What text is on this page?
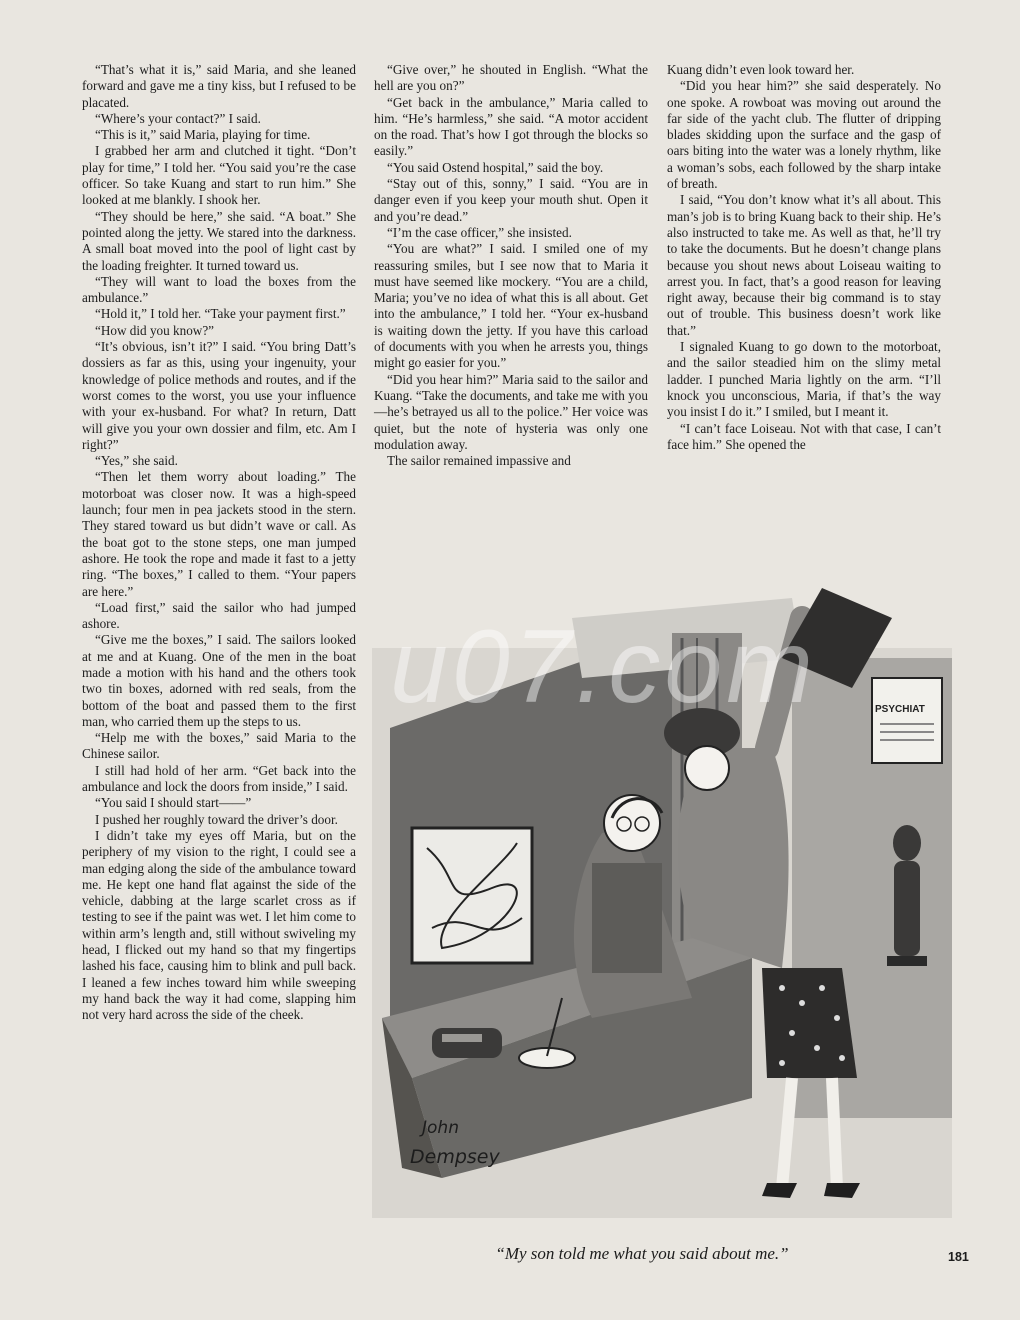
“That’s what it is,” said Maria, and she leaned forward and gave me a tiny kiss, but I refused to be placated.

“Where’s your contact?” I said.

“This is it,” said Maria, playing for time.

I grabbed her arm and clutched it tight. “Don’t play for time,” I told her. “You said you’re the case officer. So take Kuang and start to run him.” She looked at me blankly. I shook her.

“They should be here,” she said. “A boat.” She pointed along the jetty. We stared into the darkness. A small boat moved into the pool of light cast by the loading freighter. It turned toward us.

“They will want to load the boxes from the ambulance.”

“Hold it,” I told her. “Take your payment first.”

“How did you know?”

“It’s obvious, isn’t it?” I said. “You bring Datt’s dossiers as far as this, using your ingenuity, your knowledge of police methods and routes, and if the worst comes to the worst, you use your influence with your ex-husband. For what? In return, Datt will give you your own dossier and film, etc. Am I right?”

“Yes,” she said.

“Then let them worry about loading.” The motorboat was closer now. It was a high-speed launch; four men in pea jackets stood in the stern. They stared toward us but didn’t wave or call. As the boat got to the stone steps, one man jumped ashore. He took the rope and made it fast to a jetty ring. “The boxes,” I called to them. “Your papers are here.”

“Load first,” said the sailor who had jumped ashore.

“Give me the boxes,” I said. The sailors looked at me and at Kuang. One of the men in the boat made a motion with his hand and the others took two tin boxes, adorned with red seals, from the bottom of the boat and passed them to the first man, who carried them up the steps to us.

“Help me with the boxes,” said Maria to the Chinese sailor.

I still had hold of her arm. “Get back into the ambulance and lock the doors from inside,” I said.

“You said I should start——”

I pushed her roughly toward the driver’s door.

I didn’t take my eyes off Maria, but on the periphery of my vision to the right, I could see a man edging along the side of the ambulance toward me. He kept one hand flat against the side of the vehicle, dabbing at the large scarlet cross as if testing to see if the paint was wet. I let him come to within arm’s length and, still without swiveling my head, I flicked out my hand so that my fingertips lashed his face, causing him to blink and pull back. I leaned a few inches toward him while sweeping my hand back the way it had come, slapping him not very hard across the side of the cheek.

“Give over,” he shouted in English. “What the hell are you on?”

“Get back in the ambulance,” Maria called to him. “He’s harmless,” she said. “A motor accident on the road. That’s how I got through the blocks so easily.”

“You said Ostend hospital,” said the boy.

“Stay out of this, sonny,” I said. “You are in danger even if you keep your mouth shut. Open it and you’re dead.”

“I’m the case officer,” she insisted.

“You are what?” I said. I smiled one of my reassuring smiles, but I see now that to Maria it must have seemed like mockery. “You are a child, Maria; you’ve no idea of what this is all about. Get into the ambulance,” I told her. “Your ex-husband is waiting down the jetty. If you have this carload of documents with you when he arrests you, things might go easier for you.”

“Did you hear him?” Maria said to the sailor and Kuang. “Take the documents, and take me with you—he’s betrayed us all to the police.” Her voice was quiet, but the note of hysteria was only one modulation away.

The sailor remained impassive and

Kuang didn’t even look toward her.

“Did you hear him?” she said desperately. No one spoke. A rowboat was moving out around the far side of the yacht club. The flutter of dripping blades skidding upon the surface and the gasp of oars biting into the water was a lonely rhythm, like a woman’s sobs, each followed by the sharp intake of breath.

I said, “You don’t know what it’s all about. This man’s job is to bring Kuang back to their ship. He’s also instructed to take me. As well as that, he’ll try to take the documents. But he doesn’t change plans because you shout news about Loiseau waiting to arrest you. In fact, that’s a good reason for leaving right away, because their big command is to stay out of trouble. This business doesn’t work like that.”

I signaled Kuang to go down to the motorboat, and the sailor steadied him on the slimy metal ladder. I punched Maria lightly on the arm. “I’ll knock you unconscious, Maria, if that’s the way you insist I do it.” I smiled, but I meant it.

“I can’t face Loiseau. Not with that case, I can’t face him.” She opened the

PSYCHIAT
John
Dempsey
u07.com
“My son told me what you said about me.”	181
